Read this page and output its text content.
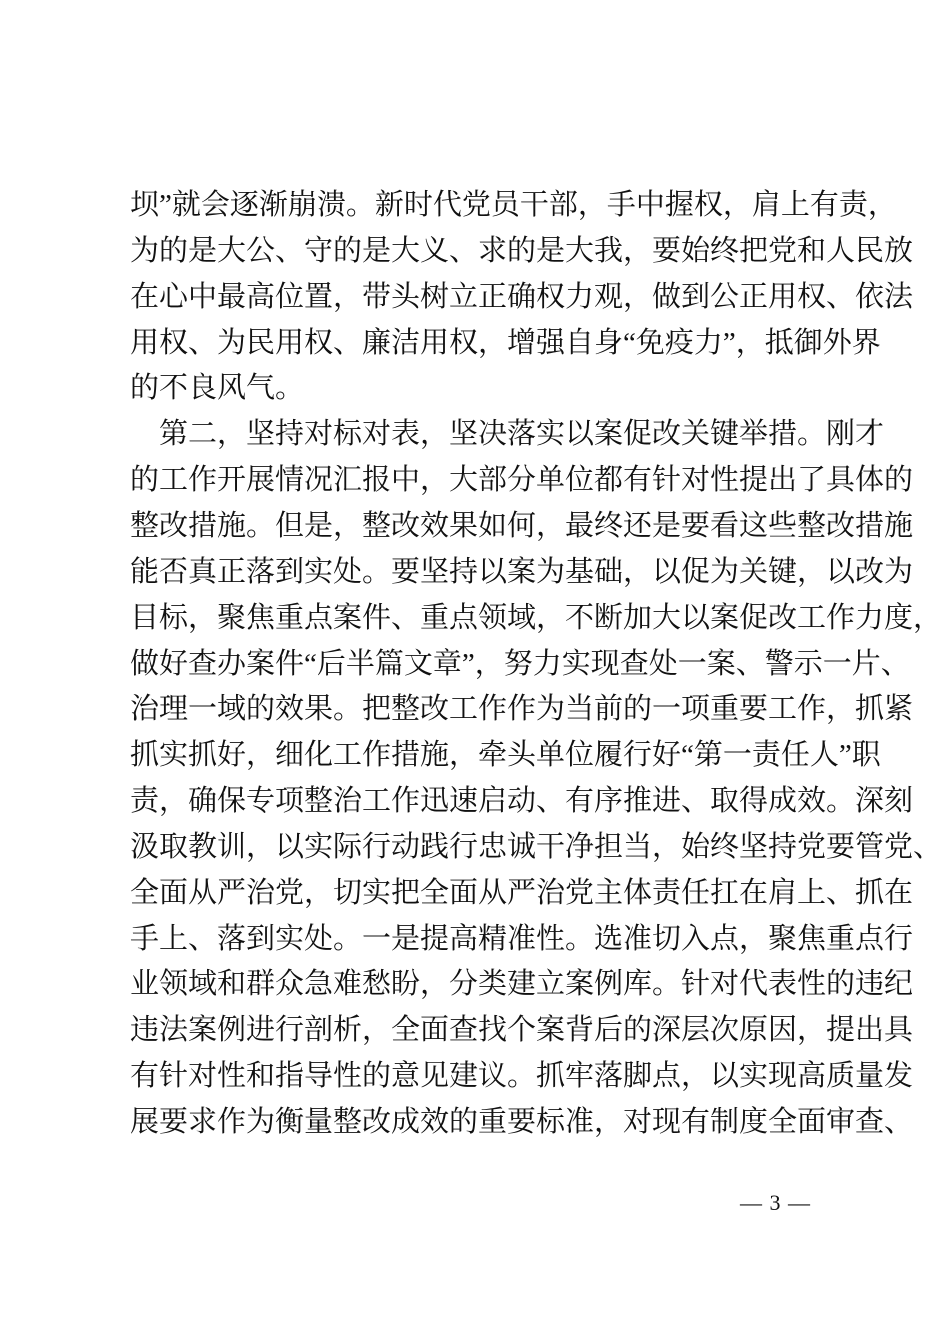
坝”就会逐渐崩溃。新时代党员干部，手中握权，肩上有责，
为的是大公、守的是大义、求的是大我，要始终把党和人民放
在心中最高位置，带头树立正确权力观，做到公正用权、依法
用权、为民用权、廉洁用权，增强自身“免疫力”，抵御外界
的不良风气。
　第二，坚持对标对表，坚决落实以案促改关键举措。刚才
的工作开展情况汇报中，大部分单位都有针对性提出了具体的
整改措施。但是，整改效果如何，最终还是要看这些整改措施
能否真正落到实处。要坚持以案为基础，以促为关键，以改为
目标，聚焦重点案件、重点领域，不断加大以案促改工作力度，
做好查办案件“后半篇文章”，努力实现查处一案、警示一片、
治理一域的效果。把整改工作作为当前的一项重要工作，抓紧
抓实抓好，细化工作措施，牵头单位履行好“第一责任人”职
责，确保专项整治工作迅速启动、有序推进、取得成效。深刻
汲取教训，以实际行动践行忠诚干净担当，始终坚持党要管党、
全面从严治党，切实把全面从严治党主体责任扛在肩上、抓在
手上、落到实处。一是提高精准性。选准切入点，聚焦重点行
业领域和群众急难愁盼，分类建立案例库。针对代表性的违纪
违法案例进行剖析，全面查找个案背后的深层次原因，提出具
有针对性和指导性的意见建议。抓牢落脚点，以实现高质量发
展要求作为衡量整改成效的重要标准，对现有制度全面审查、
— 3 —
